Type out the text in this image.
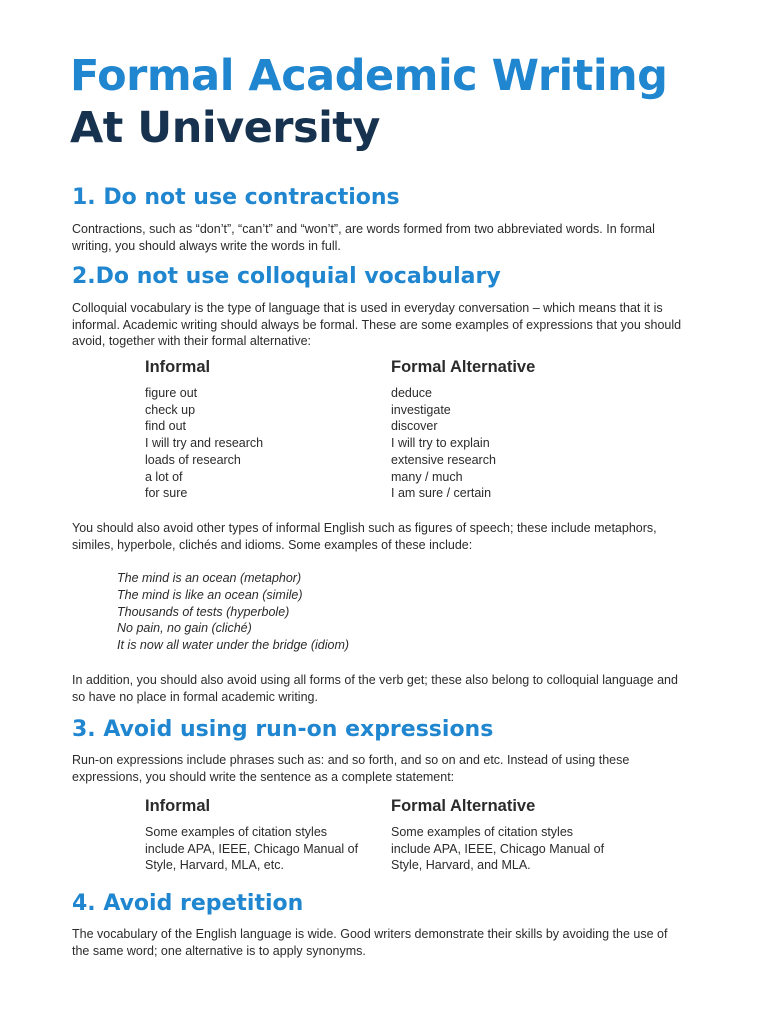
Formal Academic Writing
At University
1. Do not use contractions

Contractions, such as “don’t”, “can’t” and “won’t”, are words formed from two abbreviated words. In formal writing, you should always write the words in full.

2.Do not use colloquial vocabulary

Colloquial vocabulary is the type of language that is used in everyday conversation – which means that it is informal. Academic writing should always be formal. These are some examples of expressions that you should avoid, together with their formal alternative:

Informal	Formal Alternative
figure out
check up
find out
I will try and research
loads of research
a lot of
for sure
deduce
investigate
discover
I will try to explain
extensive research
many / much
I am sure / certain

You should also avoid other types of informal English such as figures of speech; these include metaphors, similes, hyperbole, clichés and idioms. Some examples of these include:

The mind is an ocean (metaphor)
The mind is like an ocean (simile)
Thousands of tests (hyperbole)
No pain, no gain (cliché)
It is now all water under the bridge (idiom)

In addition, you should also avoid using all forms of the verb get; these also belong to colloquial language and so have no place in formal academic writing.

3. Avoid using run-on expressions

Run-on expressions include phrases such as: and so forth, and so on and etc. Instead of using these expressions, you should write the sentence as a complete statement:

Informal	Formal Alternative

Some examples of citation styles include APA, IEEE, Chicago Manual of Style, Harvard, MLA, etc.

Some examples of citation styles include APA, IEEE, Chicago Manual of Style, Harvard, and MLA.

4. Avoid repetition

The vocabulary of the English language is wide. Good writers demonstrate their skills by avoiding the use of the same word; one alternative is to apply synonyms.
